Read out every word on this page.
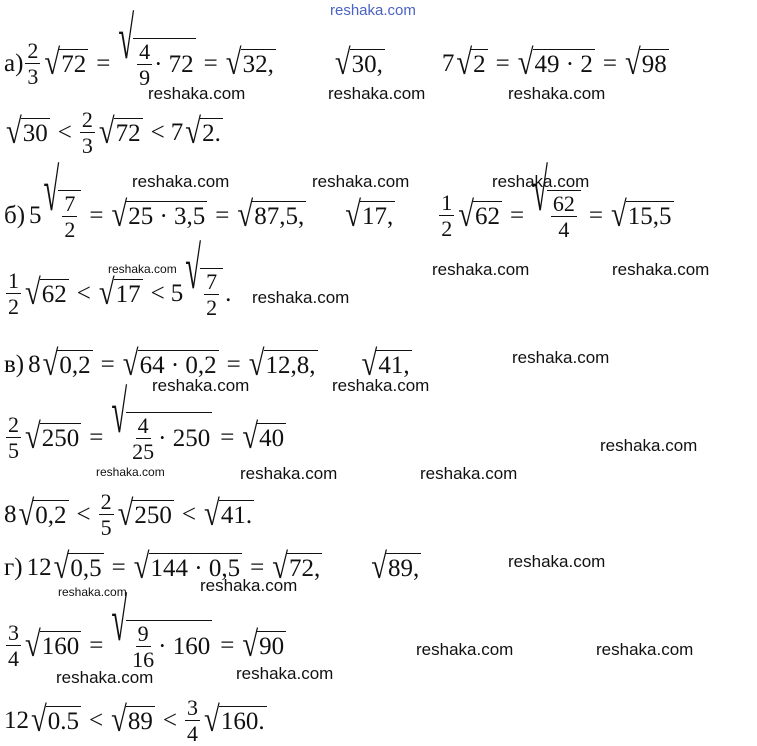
reshaka.com
$а) \frac{2}{3}$ √ 72 = √ $\frac{4}{9} \cdot 72$ = √ 32, √ 30, 7 √ 2 = √ 49 · 2 = √ 98
√ $30 < \frac{2}{3}$ √ 72 < 7 √ 2.
б) 5 √ $\frac{7}{2}$ = √ 25 · 3,5 = √ 87,5, √ 17, $\frac{1}{2}$ √ 62 = √ $\frac{62}{4}$ = √ 15,5
$\frac{1}{2}$ √ 62 < √ 17 < 5 √ $\frac{7}{2}$ .
в) 8 √ 0,2 = √ 64 · 0,2 = √ 12,8, √ 41,
$\frac{2}{5}$ √ 250 = √ $\frac{4}{25} \cdot 250$ = √ 40
8 √ $0,2 < \frac{2}{5}$ √ 250 < √ 41.
г) 12 √ 0,5 = √ 144 · 0,5 = √ 72, √ 89,
$\frac{3}{4}$ √ 160 = √ $\frac{9}{16} \cdot 160$ = √ 90
12 √ 0.5 < √ $89 < \frac{3}{4}$ √ 160.
reshaka.com	reshaka.com	reshaka.com
reshaka.com	reshaka.com	reshaka.com
reshaka.com	reshaka.com	reshaka.com
reshaka.com
reshaka.com
reshaka.com	reshaka.com
reshaka.com
reshaka.com	reshaka.com	reshaka.com
reshaka.com
reshaka.com
reshaka.com
reshaka.com	reshaka.com
reshaka.com
reshaka.com
